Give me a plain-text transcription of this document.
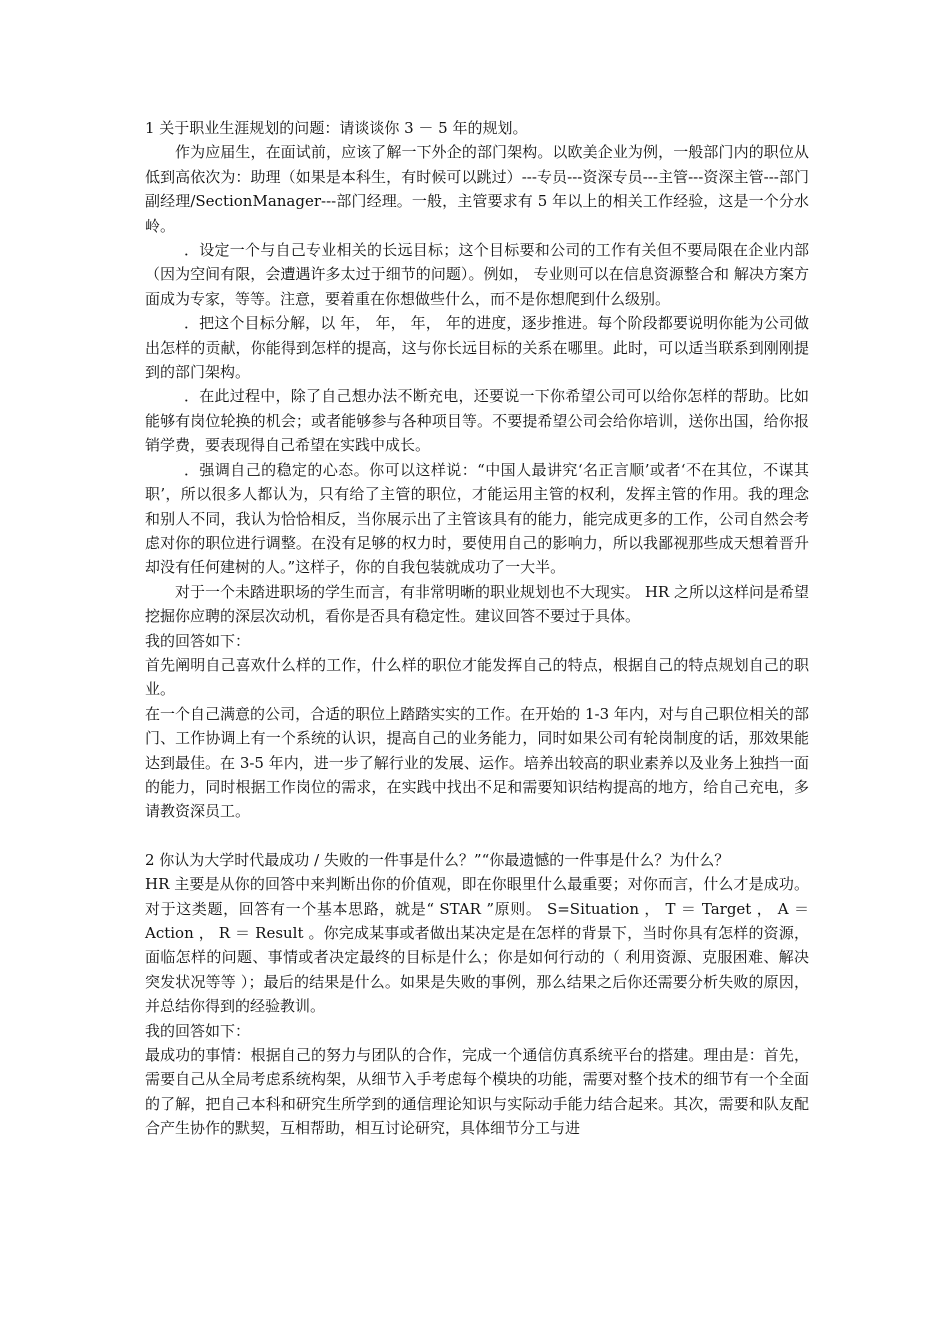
1 关于职业生涯规划的问题：请谈谈你 3 － 5 年的规划。

作为应届生，在面试前，应该了解一下外企的部门架构。以欧美企业为例，一般部门内的职位从低到高依次为：助理（如果是本科生，有时候可以跳过）---专员---资深专员---主管---资深主管---部门副经理/SectionManager---部门经理。一般，主管要求有 5 年以上的相关工作经验，这是一个分水岭。

．设定一个与自己专业相关的长远目标；这个目标要和公司的工作有关但不要局限在企业内部（因为空间有限，会遭遇许多太过于细节的问题）。例如， 专业则可以在信息资源整合和 解决方案方面成为专家，等等。注意，要着重在你想做些什么，而不是你想爬到什么级别。

．把这个目标分解，以 年， 年， 年， 年的进度，逐步推进。每个阶段都要说明你能为公司做出怎样的贡献，你能得到怎样的提高，这与你长远目标的关系在哪里。此时，可以适当联系到刚刚提到的部门架构。

．在此过程中，除了自己想办法不断充电，还要说一下你希望公司可以给你怎样的帮助。比如能够有岗位轮换的机会；或者能够参与各种项目等。不要提希望公司会给你培训，送你出国，给你报销学费，要表现得自己希望在实践中成长。

．强调自己的稳定的心态。你可以这样说：“中国人最讲究‘名正言顺’或者‘不在其位，不谋其职’，所以很多人都认为，只有给了主管的职位，才能运用主管的权利，发挥主管的作用。我的理念和别人不同，我认为恰恰相反，当你展示出了主管该具有的能力，能完成更多的工作，公司自然会考虑对你的职位进行调整。在没有足够的权力时，要使用自己的影响力，所以我鄙视那些成天想着晋升却没有任何建树的人。”这样子，你的自我包装就成功了一大半。

对于一个未踏进职场的学生而言，有非常明晰的职业规划也不大现实。 HR 之所以这样问是希望挖掘你应聘的深层次动机，看你是否具有稳定性。建议回答不要过于具体。

我的回答如下：

首先阐明自己喜欢什么样的工作，什么样的职位才能发挥自己的特点，根据自己的特点规划自己的职业。

在一个自己满意的公司，合适的职位上踏踏实实的工作。在开始的 1-3 年内，对与自己职位相关的部门、工作协调上有一个系统的认识，提高自己的业务能力，同时如果公司有轮岗制度的话，那效果能达到最佳。在 3-5 年内，进一步了解行业的发展、运作。培养出较高的职业素养以及业务上独挡一面的能力，同时根据工作岗位的需求，在实践中找出不足和需要知识结构提高的地方，给自己充电，多请教资深员工。

2 你认为大学时代最成功 / 失败的一件事是什么？”“你最遗憾的一件事是什么？为什么？

HR 主要是从你的回答中来判断出你的价值观，即在你眼里什么最重要；对你而言，什么才是成功。对于这类题，回答有一个基本思路，就是“ STAR ”原则。 S=Situation ， T ＝ Target ， A ＝ Action ， R ＝ Result 。你完成某事或者做出某决定是在怎样的背景下，当时你具有怎样的资源，面临怎样的问题、事情或者决定最终的目标是什么；你是如何行动的（ 利用资源、克服困难、解决突发状况等等 ）；最后的结果是什么。如果是失败的事例，那么结果之后你还需要分析失败的原因，并总结你得到的经验教训。

我的回答如下：

最成功的事情：根据自己的努力与团队的合作，完成一个通信仿真系统平台的搭建。理由是：首先，需要自己从全局考虑系统构架，从细节入手考虑每个模块的功能，需要对整个技术的细节有一个全面的了解，把自己本科和研究生所学到的通信理论知识与实际动手能力结合起来。其次，需要和队友配合产生协作的默契，互相帮助，相互讨论研究，具体细节分工与进
